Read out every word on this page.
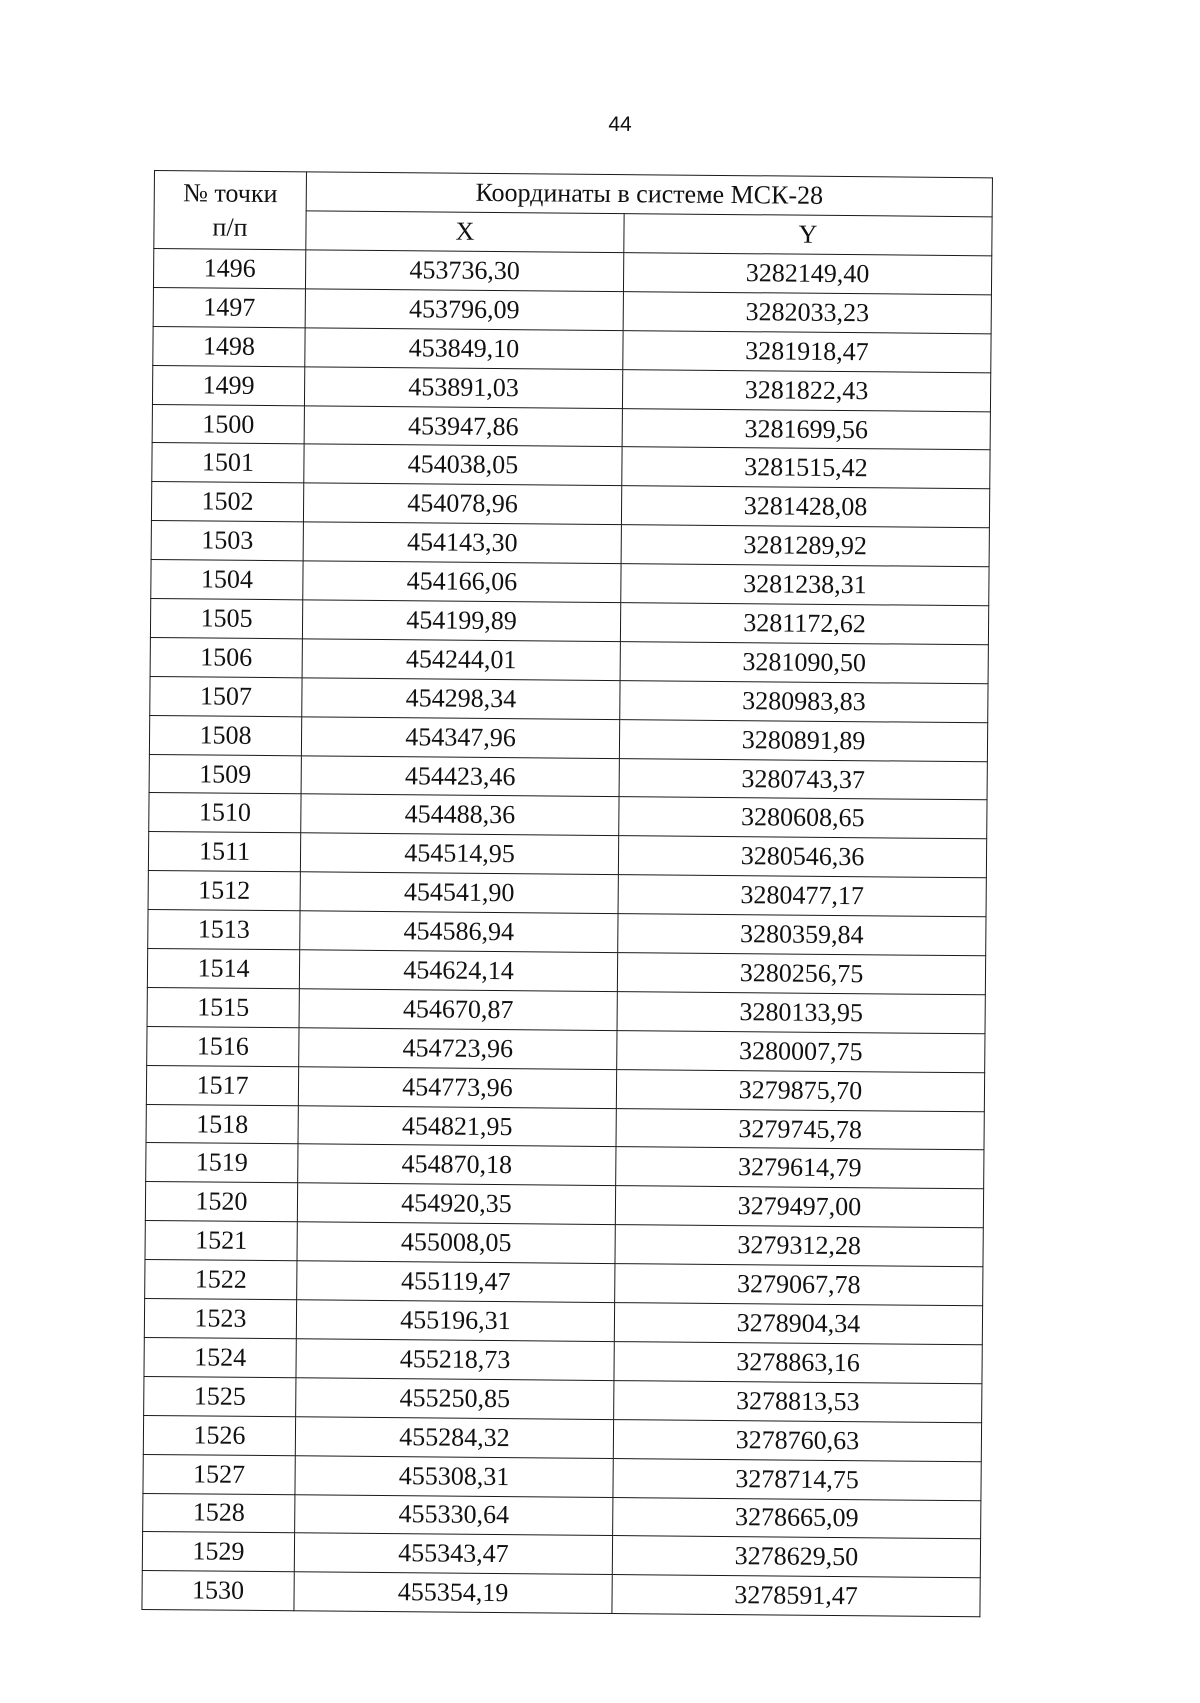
44
№ точки
п/п	Координаты в системе МСК-28	
	X	Y
1496	453736,30	3282149,40
1497	453796,09	3282033,23
1498	453849,10	3281918,47
1499	453891,03	3281822,43
1500	453947,86	3281699,56
1501	454038,05	3281515,42
1502	454078,96	3281428,08
1503	454143,30	3281289,92
1504	454166,06	3281238,31
1505	454199,89	3281172,62
1506	454244,01	3281090,50
1507	454298,34	3280983,83
1508	454347,96	3280891,89
1509	454423,46	3280743,37
1510	454488,36	3280608,65
1511	454514,95	3280546,36
1512	454541,90	3280477,17
1513	454586,94	3280359,84
1514	454624,14	3280256,75
1515	454670,87	3280133,95
1516	454723,96	3280007,75
1517	454773,96	3279875,70
1518	454821,95	3279745,78
1519	454870,18	3279614,79
1520	454920,35	3279497,00
1521	455008,05	3279312,28
1522	455119,47	3279067,78
1523	455196,31	3278904,34
1524	455218,73	3278863,16
1525	455250,85	3278813,53
1526	455284,32	3278760,63
1527	455308,31	3278714,75
1528	455330,64	3278665,09
1529	455343,47	3278629,50
1530	455354,19	3278591,47
